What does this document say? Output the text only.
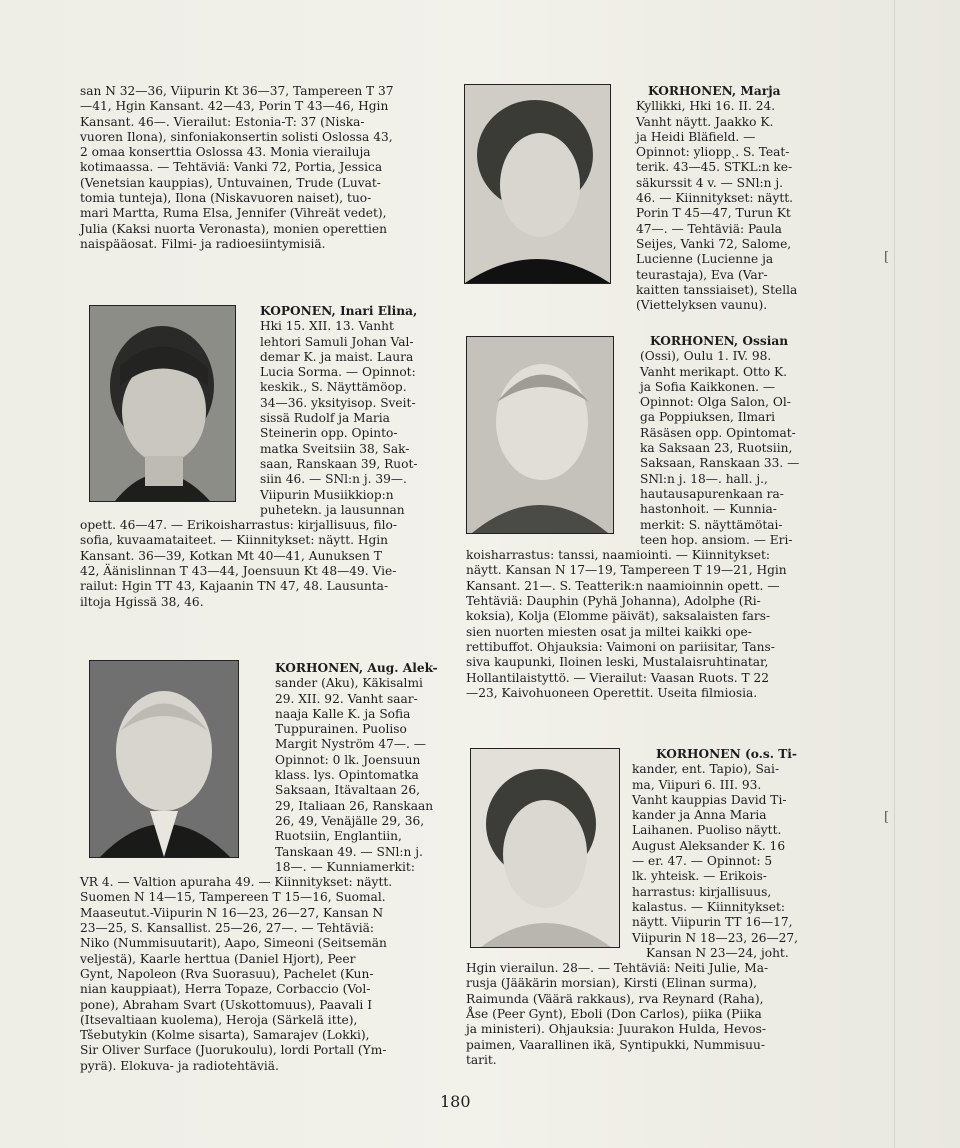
[
[
san N 32—36, Viipurin Kt 36—37, Tampereen T 37
—41, Hgin Kansant. 42—43, Porin T 43—46, Hgin
Kansant. 46—. Vierailut: Estonia-T: 37 (Niska-
vuoren Ilona), sinfoniakonsertin solisti Oslossa 43,
2 omaa konserttia Oslossa 43. Monia vierailuja
kotimaassa. — Tehtäviä: Vanki 72, Portia, Jessica
(Venetsian kauppias), Untuvainen, Trude (Luvat-
tomia tunteja), Ilona (Niskavuoren naiset), tuo-
mari Martta, Ruma Elsa, Jennifer (Vihreät vedet),
Julia (Kaksi nuorta Veronasta), monien operettien
naispääosat. Filmi- ja radioesiintymisiä.
KOPONEN, Inari Elina,
Hki 15. XII. 13. Vanht
lehtori Samuli Johan Val-
demar K. ja maist. Laura
Lucia Sorma. — Opinnot:
keskik., S. Näyttämöop.
34—36. yksityisop. Sveit-
sissä Rudolf ja Maria
Steinerin opp. Opinto-
matka Sveitsiin 38, Sak-
saan, Ranskaan 39, Ruot-
siin 46. — SNl:n j. 39—.
Viipurin Musiikkiop:n
puhetekn. ja lausunnan
opett. 46—47. — Erikoisharrastus: kirjallisuus, filo-
sofia, kuvaamataiteet. — Kiinnitykset: näytt. Hgin
Kansant. 36—39, Kotkan Mt 40—41, Aunuksen T
42, Äänislinnan T 43—44, Joensuun Kt 48—49. Vie-
railut: Hgin TT 43, Kajaanin TN 47, 48. Lausunta-
iltoja Hgissä 38, 46.
KORHONEN, Aug. Alek-
sander (Aku), Käkisalmi
29. XII. 92. Vanht saar-
naaja Kalle K. ja Sofia
Tuppurainen. Puoliso
Margit Nyström 47—. —
Opinnot: 0 lk. Joensuun
klass. lys. Opintomatka
Saksaan, Itävaltaan 26,
29, Italiaan 26, Ranskaan
26, 49, Venäjälle 29, 36,
Ruotsiin, Englantiin,
Tanskaan 49. — SNl:n j.
18—. — Kunniamerkit:
VR 4. — Valtion apuraha 49. — Kiinnitykset: näytt.
Suomen N 14—15, Tampereen T 15—16, Suomal.
Maaseutut.-Viipurin N 16—23, 26—27, Kansan N
23—25, S. Kansallist. 25—26, 27—. — Tehtäviä:
Niko (Nummisuutarit), Aapo, Simeoni (Seitsemän
veljestä), Kaarle herttua (Daniel Hjort), Peer
Gynt, Napoleon (Rva Suorasuu), Pachelet (Kun-
nian kauppiaat), Herra Topaze, Corbaccio (Vol-
pone), Abraham Svart (Uskottomuus), Paavali I
(Itsevaltiaan kuolema), Heroja (Särkelä itte),
Tšebutykin (Kolme sisarta), Samarajev (Lokki),
Sir Oliver Surface (Juorukoulu), lordi Portall (Ym-
pyrä). Elokuva- ja radiotehtäviä.
KORHONEN, Marja
Kyllikki, Hki 16. II. 24.
Vanht näytt. Jaakko K.
ja Heidi Bläfield. —
Opinnot: ylioppˎ. S. Teat-
terik. 43—45. STKL:n ke-
säkurssit 4 v. — SNl:n j.
46. — Kiinnitykset: näytt.
Porin T 45—47, Turun Kt
47—. — Tehtäviä: Paula
Seijes, Vanki 72, Salome,
Lucienne (Lucienne ja
teurastaja), Eva (Var-
kaitten tanssiaiset), Stella
(Viettelyksen vaunu).
KORHONEN, Ossian
(Ossi), Oulu 1. IV. 98.
Vanht merikapt. Otto K.
ja Sofia Kaikkonen. —
Opinnot: Olga Salon, Ol-
ga Poppiuksen, Ilmari
Räsäsen opp. Opintomat-
ka Saksaan 23, Ruotsiin,
Saksaan, Ranskaan 33. —
SNl:n j. 18—. hall. j.,
hautausapurenkaan ra-
hastonhoit. — Kunnia-
merkit: S. näyttämötai-
teen hop. ansiom. — Eri-
koisharrastus: tanssi, naamiointi. — Kiinnitykset:
näytt. Kansan N 17—19, Tampereen T 19—21, Hgin
Kansant. 21—. S. Teatterik:n naamioinnin opett. —
Tehtäviä: Dauphin (Pyhä Johanna), Adolphe (Ri-
koksia), Kolja (Elomme päivät), saksalaisten fars-
sien nuorten miesten osat ja miltei kaikki ope-
rettibuffot. Ohjauksia: Vaimoni on pariisitar, Tans-
siva kaupunki, Iloinen leski, Mustalaisruhtinatar,
Hollantilaistyttö. — Vierailut: Vaasan Ruots. T 22
—23, Kaivohuoneen Operettit. Useita filmiosia.
KORHONEN (o.s. Ti-
kander, ent. Tapio), Sai-
ma, Viipuri 6. III. 93.
Vanht kauppias David Ti-
kander ja Anna Maria
Laihanen. Puoliso näytt.
August Aleksander K. 16
— er. 47. — Opinnot: 5
lk. yhteisk. — Erikois-
harrastus: kirjallisuus,
kalastus. — Kiinnitykset:
näytt. Viipurin TT 16—17,
Viipurin N 18—23, 26—27,
Kansan N 23—24, joht.
Hgin vierailun. 28—. — Tehtäviä: Neiti Julie, Ma-
rusja (Jääkärin morsian), Kirsti (Elinan surma),
Raimunda (Väärä rakkaus), rva Reynard (Raha),
Åse (Peer Gynt), Eboli (Don Carlos), piika (Piika
ja ministeri). Ohjauksia: Juurakon Hulda, Hevos-
paimen, Vaarallinen ikä, Syntipukki, Nummisuu-
tarit.
180
